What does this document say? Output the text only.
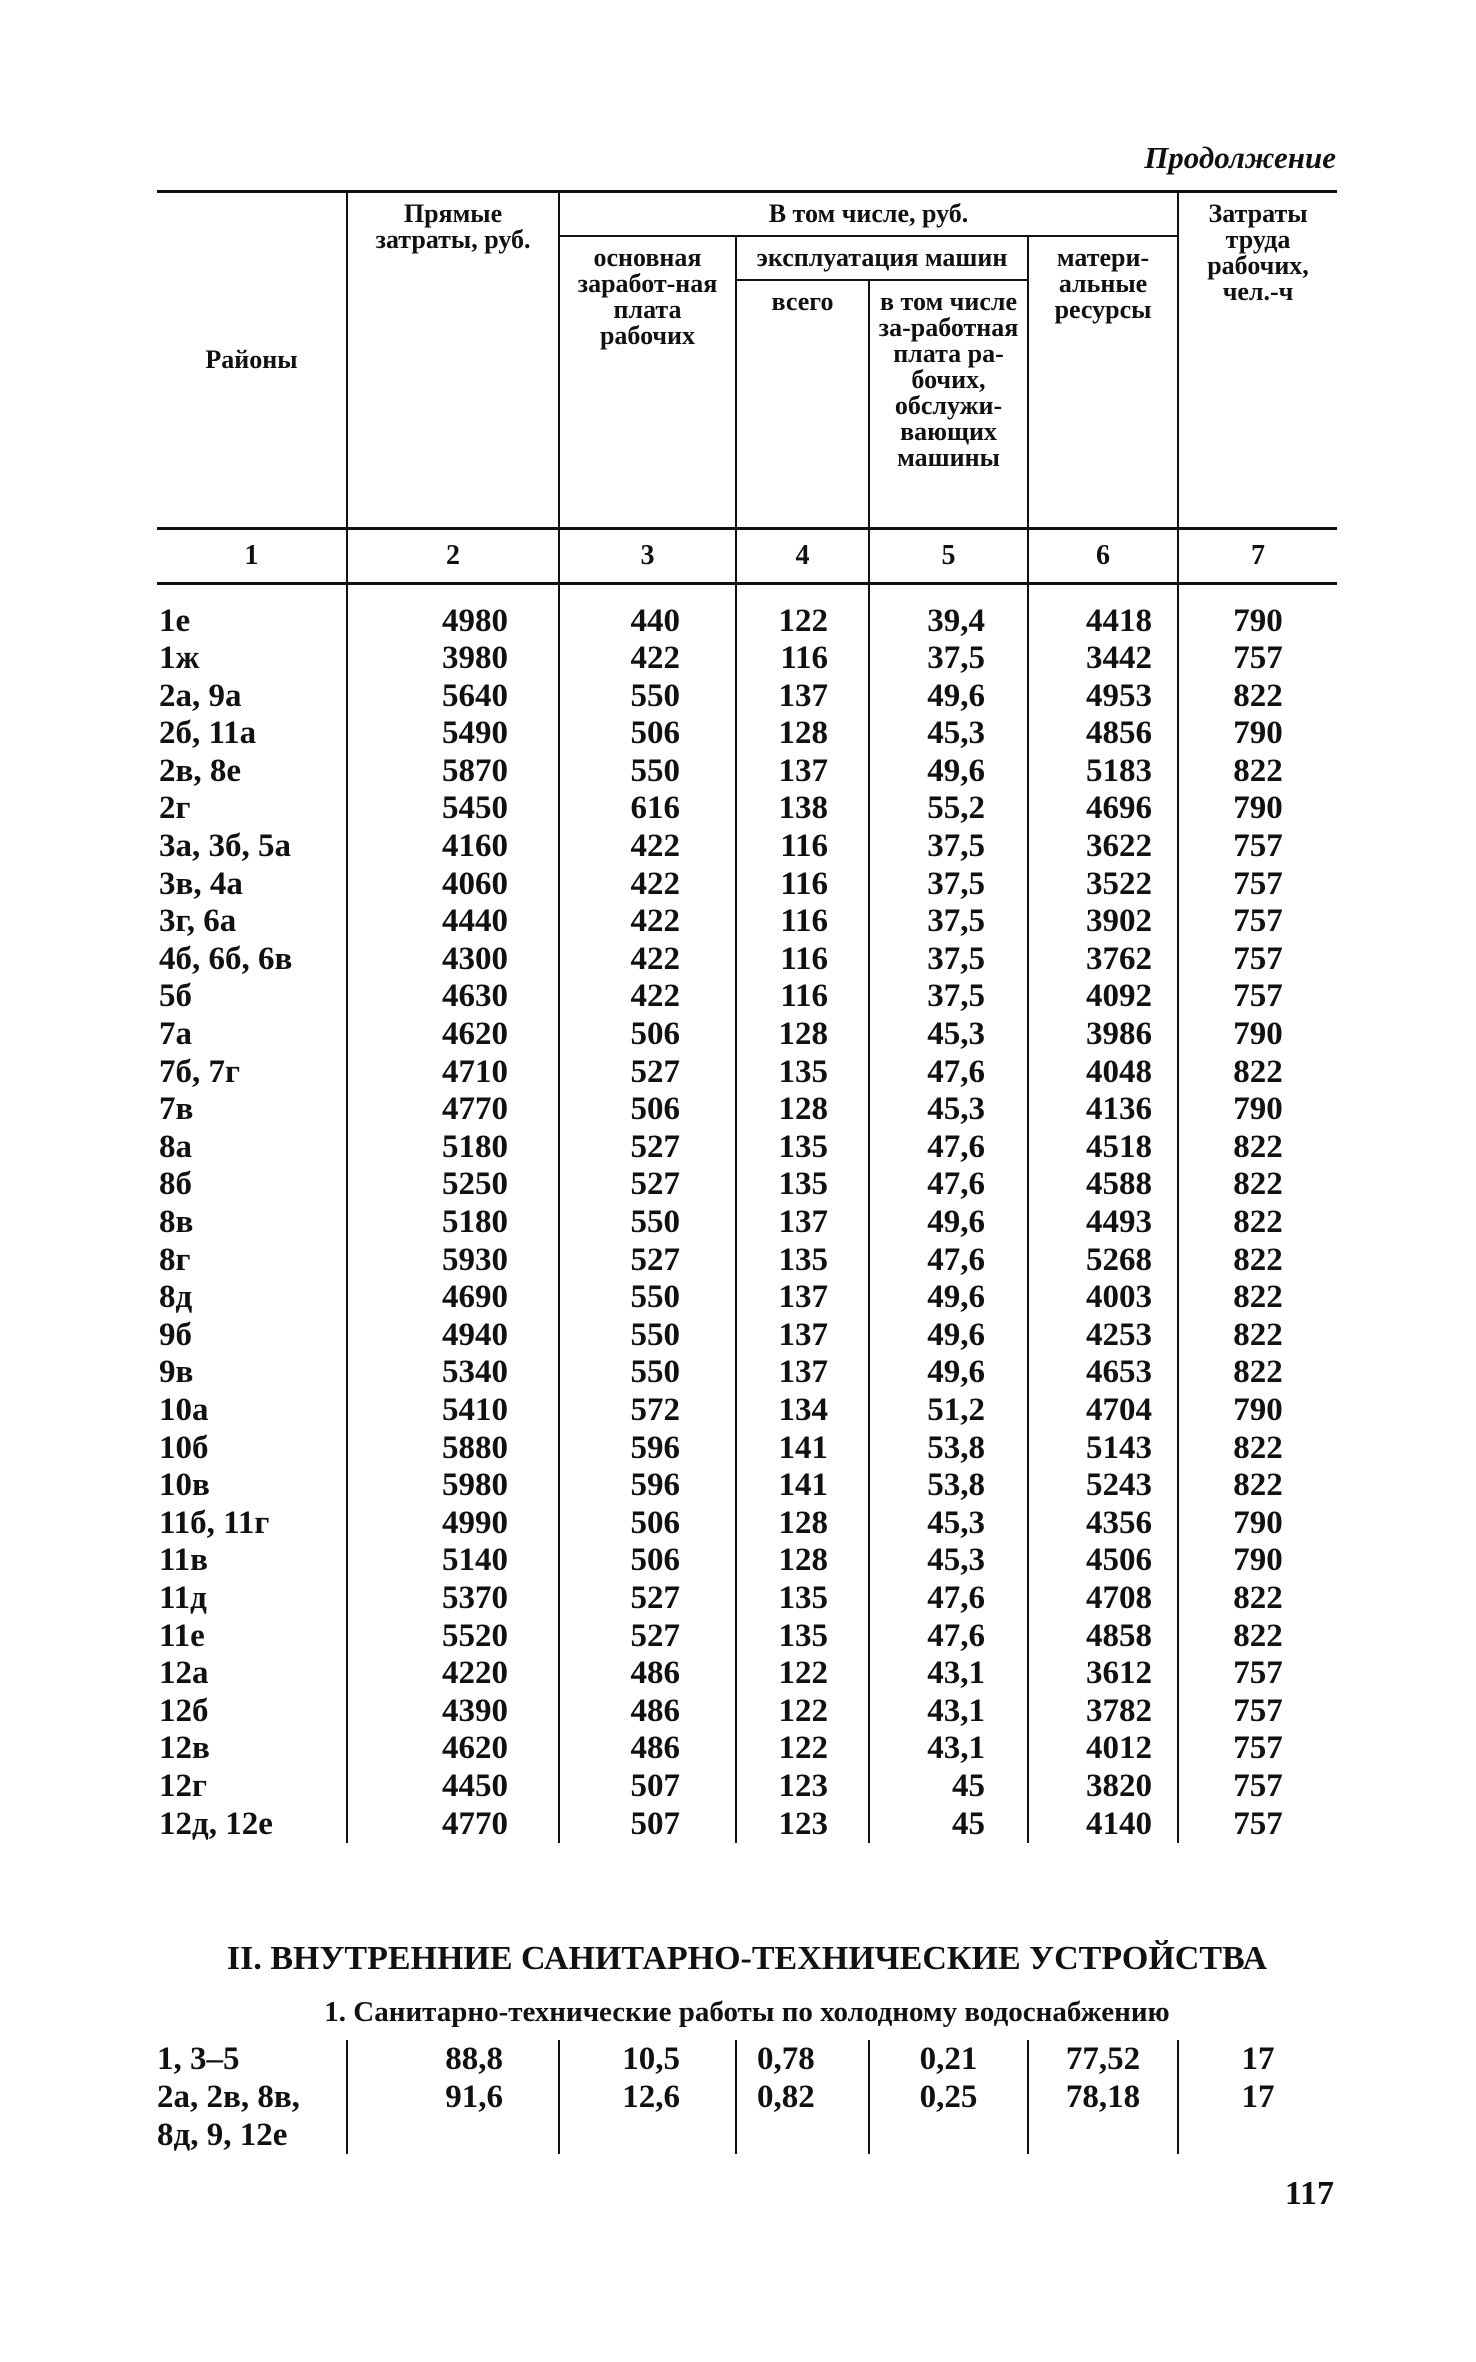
Продолжение
Районы	Прямые затраты, руб.	В том числе, руб.				Затраты труда рабочих, чел.-ч
		основная заработ-ная плата рабочих	эксплуатация машин		матери-альные ресурсы	
			всего	в том числе за-работная плата ра-бочих, обслужи-вающих машины		
1	2	3	4	5	6	7

1е	4980	440	122	39,4	4418	790
1ж	3980	422	116	37,5	3442	757
2а, 9а	5640	550	137	49,6	4953	822
2б, 11а	5490	506	128	45,3	4856	790
2в, 8е	5870	550	137	49,6	5183	822
2г	5450	616	138	55,2	4696	790
3а, 3б, 5а	4160	422	116	37,5	3622	757
3в, 4а	4060	422	116	37,5	3522	757
3г, 6а	4440	422	116	37,5	3902	757
4б, 6б, 6в	4300	422	116	37,5	3762	757
5б	4630	422	116	37,5	4092	757
7а	4620	506	128	45,3	3986	790
7б, 7г	4710	527	135	47,6	4048	822
7в	4770	506	128	45,3	4136	790
8а	5180	527	135	47,6	4518	822
8б	5250	527	135	47,6	4588	822
8в	5180	550	137	49,6	4493	822
8г	5930	527	135	47,6	5268	822
8д	4690	550	137	49,6	4003	822
9б	4940	550	137	49,6	4253	822
9в	5340	550	137	49,6	4653	822
10а	5410	572	134	51,2	4704	790
10б	5880	596	141	53,8	5143	822
10в	5980	596	141	53,8	5243	822
11б, 11г	4990	506	128	45,3	4356	790
11в	5140	506	128	45,3	4506	790
11д	5370	527	135	47,6	4708	822
11е	5520	527	135	47,6	4858	822
12а	4220	486	122	43,1	3612	757
12б	4390	486	122	43,1	3782	757
12в	4620	486	122	43,1	4012	757
12г	4450	507	123	45	3820	757
12д, 12е	4770	507	123	45	4140	757
II. ВНУТРЕННИЕ САНИТАРНО-ТЕХНИЧЕСКИЕ УСТРОЙСТВА
1. Санитарно-технические работы по холодному водоснабжению
1, 3–5	88,8	10,5	0,78	0,21	77,52	17
2а, 2в, 8в, 8д, 9, 12е	91,6	12,6	0,82	0,25	78,18	17
117
